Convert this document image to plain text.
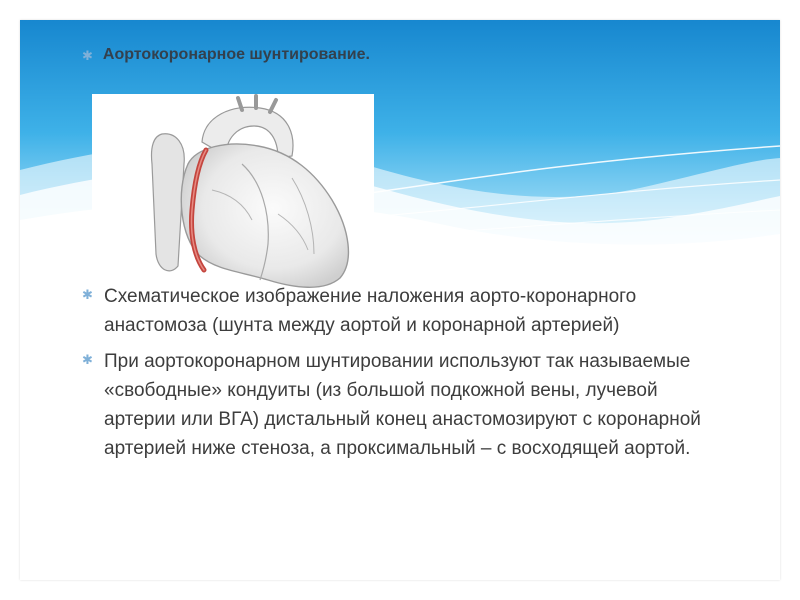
✱ Аортокоронарное шунтирование.
✱ Схематическое изображение наложения аорто-коронарного анастомоза (шунта между аортой и коронарной артерией)
✱ При аортокоронарном шунтировании используют так называемые «свободные» кондуиты (из большой подкожной вены, лучевой артерии или ВГА) дистальный конец анастомозируют с коронарной артерией ниже стеноза, а проксимальный – с восходящей аортой.
